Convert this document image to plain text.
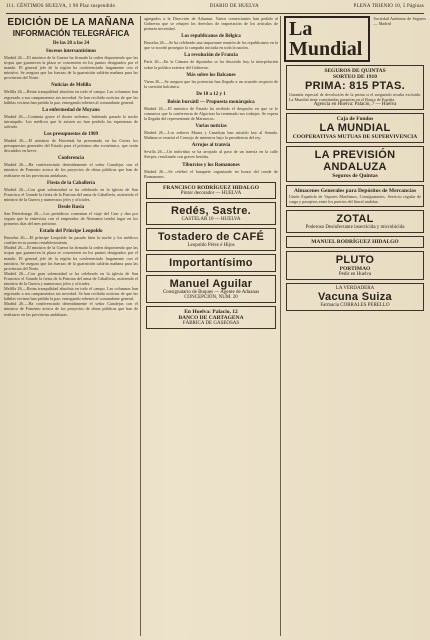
111. CÉNTIMOS HUELVA, 1 90 Plaz suspendido	DIARIO DE HUELVA	PLENA TRIENIO 10, 5 Páginas
EDICIÓN DE LA MAÑANA
INFORMACIÓN TELEGRÁFICA
De las 20 a las 24
Sucesos intersantísimos

Madrid 26.—El ministro de la Guerra ha firmado la orden disponiendo que las tropas que guarnecen la plaza se concentren en los puntos designados por el mando. El general jefe de la región ha conferenciado largamente con el ministro. Se asegura que las fuerzas de la guarnición saldrán mañana para las provincias del Norte.

Noticias de Melilla

Melilla 26.—Reina tranquilidad absoluta en todo el campo. Las columnas han regresado a sus campamentos sin novedad. Se han recibido noticias de que las kábilas vecinas han pedido la paz, entregando rehenes al comandante general.

La enfermedad de Moyano

Madrid 26.—Continúa grave el ilustre enfermo, habiendo pasado la noche intranquilo. Los médicos que le asisten no han perdido las esperanzas de salvarlo.

Los presupuestos de 1909

Madrid 26.—El ministro de Hacienda ha presentado en las Cortes los presupuestos generales del Estado para el próximo año económico, que serán discutidos en breve.

Conferencia

Madrid 26.—Ha conferenciado detenidamente el señor Canalejas con el ministro de Fomento acerca de los proyectos de obras públicas que han de realizarse en las provincias andaluzas.

Fiesta de la Caballería

Madrid 26.—Con gran solemnidad se ha celebrado en la iglesia de San Francisco el Grande la fiesta de la Patrona del arma de Caballería, asistiendo el ministro de la Guerra y numerosos jefes y oficiales.

Desde Rusia

San Petersburgo 26.—Los periódicos comentan el viaje del Czar y dan por seguro que la entrevista con el emperador de Alemania tendrá lugar en los primeros días del mes próximo.

Estado del Príncipe Leopoldo

Bruselas 26.—El príncipe Leopoldo ha pasado bien la noche y los médicos confían en su pronto restablecimiento.

Madrid 26.—El ministro de la Guerra ha firmado la orden disponiendo que las tropas que guarnecen la plaza se concentren en los puntos designados por el mando. El general jefe de la región ha conferenciado largamente con el ministro. Se asegura que las fuerzas de la guarnición saldrán mañana para las provincias del Norte.

Madrid 26.—Con gran solemnidad se ha celebrado en la iglesia de San Francisco el Grande la fiesta de la Patrona del arma de Caballería, asistiendo el ministro de la Guerra y numerosos jefes y oficiales.

Melilla 26.—Reina tranquilidad absoluta en todo el campo. Las columnas han regresado a sus campamentos sin novedad. Se han recibido noticias de que las kábilas vecinas han pedido la paz, entregando rehenes al comandante general.

Madrid 26.—Ha conferenciado detenidamente el señor Canalejas con el ministro de Fomento acerca de los proyectos de obras públicas que han de realizarse en las provincias andaluzas.

agregados a la Dirección de Aduanas. Varios comerciantes han pedido al Gobierno que se rebajen los derechos de importación de los artículos de primera necesidad.

Los republicanos de Bélgica

Bruselas 26.—Se ha celebrado una importante reunión de los republicanos en la que se acordó proseguir la campaña iniciada en toda la nación.

La revolución de Francia

París 26.—En la Cámara de diputados se ha discutido hoy la interpelación sobre la política exterior del Gobierno.

Más sobre los Balcanes

Viena 26.—Se asegura que las potencias han llegado a un acuerdo respecto de la cuestión balcánica.

De 10 a 12 y 1
Bolsín bursátil — Propuesta monárquica

Madrid 26.—El ministro de Estado ha recibido el despacho en que se le comunica que la conferencia de Algeciras ha terminado sus trabajos. Se espera la llegada del representante de Marruecos.

Varias noticias

Madrid 26.—Los señores Maura y Canalejas han asistido hoy al Senado. Mañana se reunirá el Consejo de ministros bajo la presidencia del rey.

Arrojos al tranvía

Sevilla 26.—Un individuo se ha arrojado al paso de un tranvía en la calle Sierpes, resultando con graves heridas.

Tiburcios y los Romanones

Madrid 26.—Se celebró el banquete organizado en honor del conde de Romanones.

FRANCISCO RODRÍGUEZ HIDALGO
Pintor decorador — HUELVA
Redés, Sastre.
CASTELAR 10 — HUELVA
Tostadero de CAFÉ
Leopoldo Pérez é Hijos
Importantísimo
Manuel Aguilar
Consignatario de Buques — Agente de Aduanas
CONCEPCIÓN, NUM. 20
En Huelva: Palacio, 12
BANCO DE CARTAGENA
FÁBRICA DE GASEOSAS
La Mundial
Sociedad Anónima de Seguros — Madrid
SEGUROS DE QUINTAS
SORTEO DE 1910
PRIMA: 815 PTAS.

Garantía especial de devolución de la prima si el asegurado resulta excluido. La Mundial tiene constituidas garantías en el Banco de España.

Agencia en Huelva: Palacio, 7 — Huelva
Caja de Fondos
LA MUNDIAL
COOPERATIVAS MUTUAS DE SUPERVIVENCIA
LA PREVISIÓN ANDALUZA
Seguros de Quintas
Almacenes Generales para Depósitos de Mercancías

Unión Española de Vapores Marítimos, Consignatarios. Servicio regular de carga y pasajeros entre los puertos del litoral andaluz.

ZOTAL
Poderoso Desinfectante insecticida y microbicida
MANUEL RODRÍGUEZ HIDALGO
PLUTO
PORTIMAO
Pedir en Huelva
LA VERDADERA
Vacuna Suiza
Farmacia CORRALES PERELLO
